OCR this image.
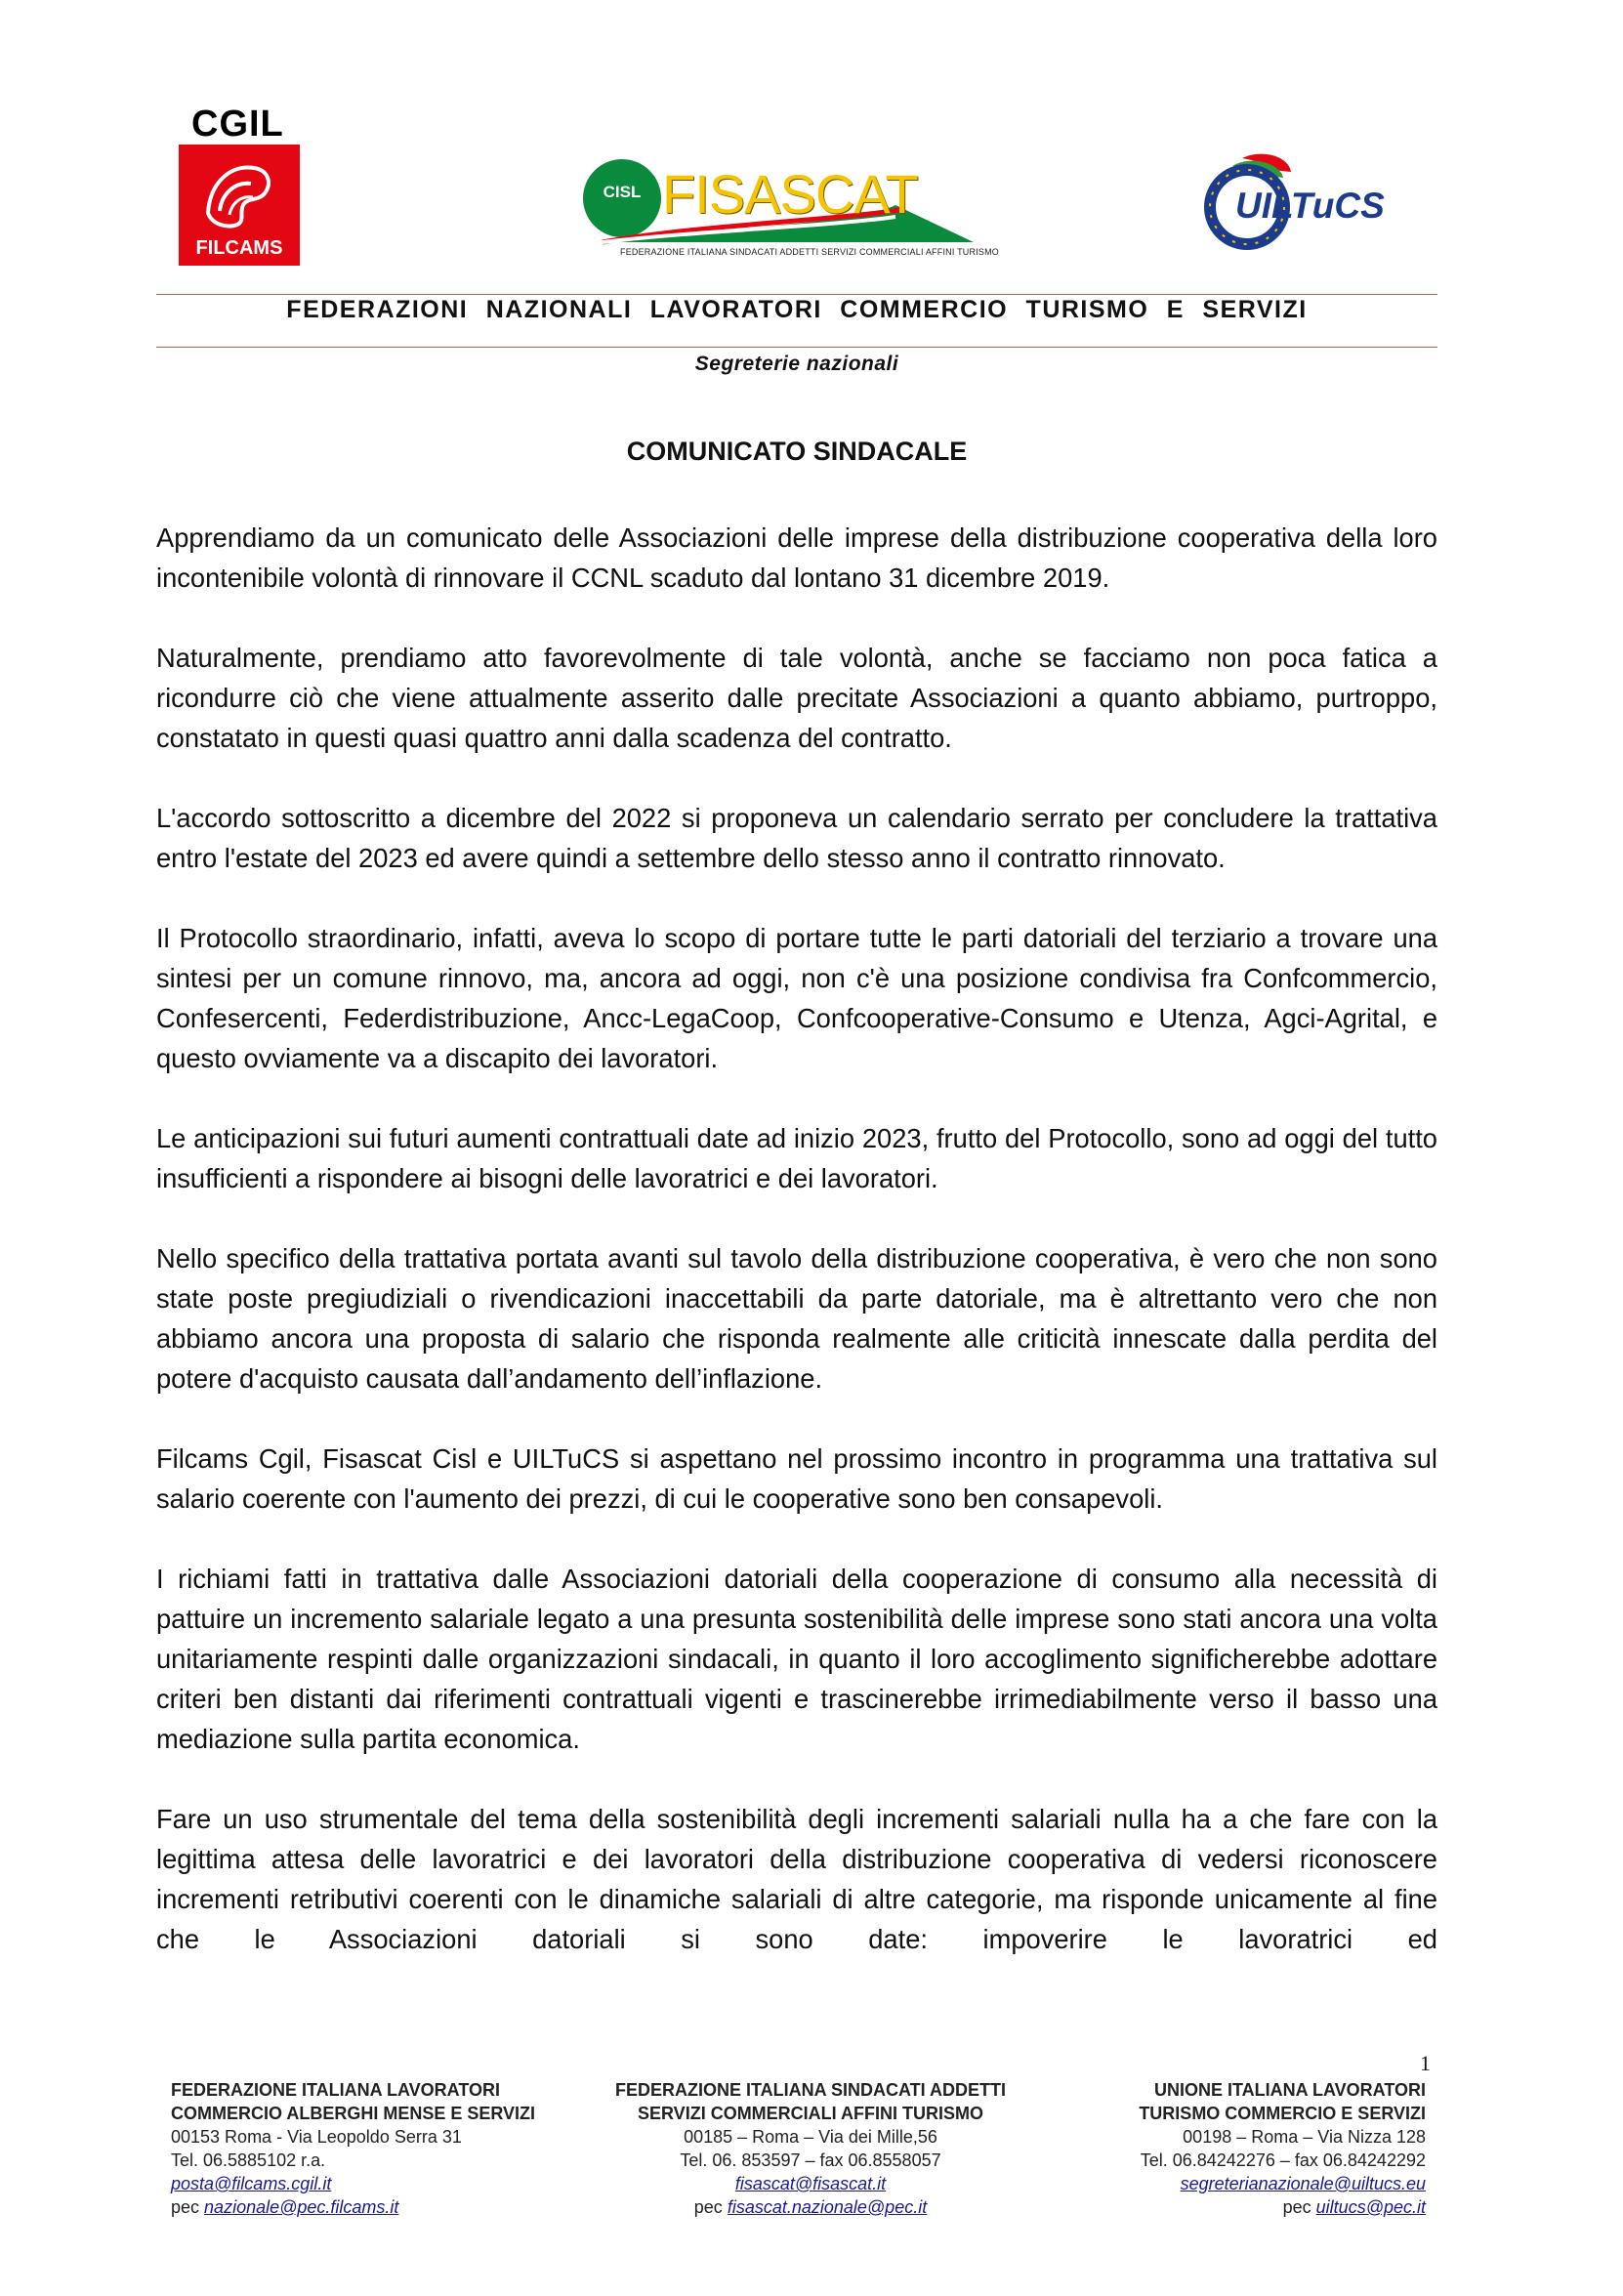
CGIL
FILCAMS
CISL FISASCAT
FEDERAZIONE ITALIANA SINDACATI ADDETTI SERVIZI COMMERCIALI AFFINI TURISMO
UILTuCS
FEDERAZIONI NAZIONALI LAVORATORI COMMERCIO TURISMO E SERVIZI
Segreterie nazionali
COMUNICATO SINDACALE

Apprendiamo da un comunicato delle Associazioni delle imprese della distribuzione cooperativa della loro incontenibile volontà di rinnovare il CCNL scaduto dal lontano 31 dicembre 2019.

Naturalmente, prendiamo atto favorevolmente di tale volontà, anche se facciamo non poca fatica a ricondurre ciò che viene attualmente asserito dalle precitate Associazioni a quanto abbiamo, purtroppo, constatato in questi quasi quattro anni dalla scadenza del contratto.

L'accordo sottoscritto a dicembre del 2022 si proponeva un calendario serrato per concludere la trattativa entro l'estate del 2023 ed avere quindi a settembre dello stesso anno il contratto rinnovato.

Il Protocollo straordinario, infatti, aveva lo scopo di portare tutte le parti datoriali del terziario a trovare una sintesi per un comune rinnovo, ma, ancora ad oggi, non c'è una posizione condivisa fra Confcommercio, Confesercenti, Federdistribuzione, Ancc-LegaCoop, Confcooperative-Consumo e Utenza, Agci-Agrital, e questo ovviamente va a discapito dei lavoratori.

Le anticipazioni sui futuri aumenti contrattuali date ad inizio 2023, frutto del Protocollo, sono ad oggi del tutto insufficienti a rispondere ai bisogni delle lavoratrici e dei lavoratori.

Nello specifico della trattativa portata avanti sul tavolo della distribuzione cooperativa, è vero che non sono state poste pregiudiziali o rivendicazioni inaccettabili da parte datoriale, ma è altrettanto vero che non abbiamo ancora una proposta di salario che risponda realmente alle criticità innescate dalla perdita del potere d'acquisto causata dall’andamento dell’inflazione.

Filcams Cgil, Fisascat Cisl e UILTuCS si aspettano nel prossimo incontro in programma una trattativa sul salario coerente con l'aumento dei prezzi, di cui le cooperative sono ben consapevoli.

I richiami fatti in trattativa dalle Associazioni datoriali della cooperazione di consumo alla necessità di pattuire un incremento salariale legato a una presunta sostenibilità delle imprese sono stati ancora una volta unitariamente respinti dalle organizzazioni sindacali, in quanto il loro accoglimento significherebbe adottare criteri ben distanti dai riferimenti contrattuali vigenti e trascinerebbe irrimediabilmente verso il basso una mediazione sulla partita economica.

Fare un uso strumentale del tema della sostenibilità degli incrementi salariali nulla ha a che fare con la legittima attesa delle lavoratrici e dei lavoratori della distribuzione cooperativa di vedersi riconoscere incrementi retributivi coerenti con le dinamiche salariali di altre categorie, ma risponde unicamente al fine che le Associazioni datoriali si sono date: impoverire le lavoratrici ed

1
FEDERAZIONE ITALIANA LAVORATORI
COMMERCIO ALBERGHI MENSE E SERVIZI
00153 Roma - Via Leopoldo Serra 31
Tel. 06.5885102 r.a.
posta@filcams.cgil.it
pec nazionale@pec.filcams.it
FEDERAZIONE ITALIANA SINDACATI ADDETTI
SERVIZI COMMERCIALI AFFINI TURISMO
00185 – Roma – Via dei Mille,56
Tel. 06. 853597 – fax 06.8558057
fisascat@fisascat.it
pec fisascat.nazionale@pec.it
UNIONE ITALIANA LAVORATORI
TURISMO COMMERCIO E SERVIZI
00198 – Roma – Via Nizza 128
Tel. 06.84242276 – fax 06.84242292
segreterianazionale@uiltucs.eu
pec uiltucs@pec.it
